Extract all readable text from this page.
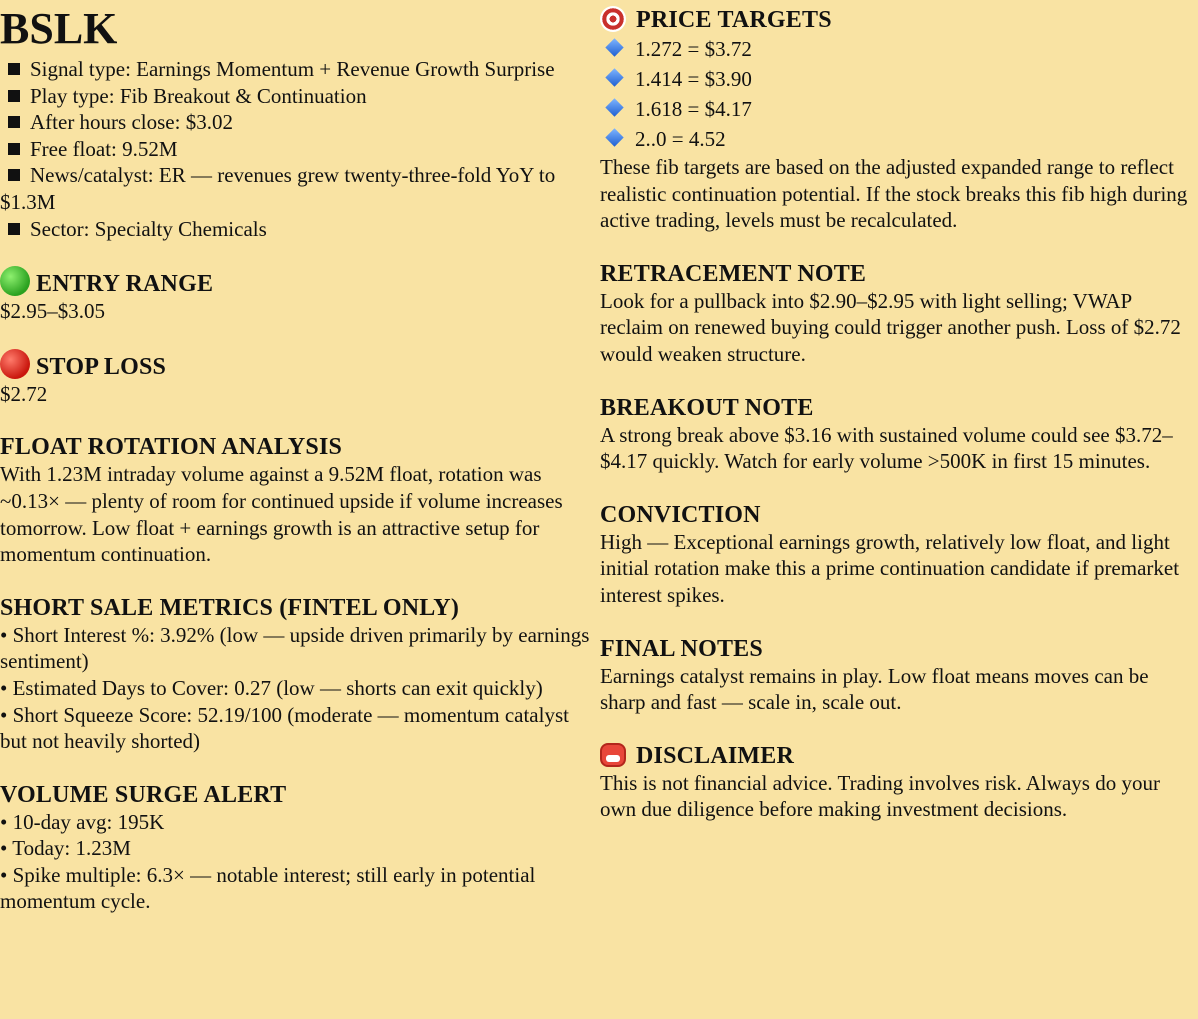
BSLK

Signal type: Earnings Momentum + Revenue Growth Surprise

Play type: Fib Breakout & Continuation

After hours close: $3.02

Free float: 9.52M

News/catalyst: ER — revenues grew twenty-three-fold YoY to $1.3M

Sector: Specialty Chemicals

ENTRY RANGE

$2.95–$3.05

STOP LOSS

$2.72

FLOAT ROTATION ANALYSIS

With 1.23M intraday volume against a 9.52M float, rotation was ~0.13× — plenty of room for continued upside if volume increases tomorrow. Low float + earnings growth is an attractive setup for momentum continuation.

SHORT SALE METRICS (FINTEL ONLY)

• Short Interest %: 3.92% (low — upside driven primarily by earnings sentiment)

• Estimated Days to Cover: 0.27 (low — shorts can exit quickly)

• Short Squeeze Score: 52.19/100 (moderate — momentum catalyst but not heavily shorted)

VOLUME SURGE ALERT

• 10-day avg: 195K

• Today: 1.23M

• Spike multiple: 6.3× — notable interest; still early in potential momentum cycle.

PRICE TARGETS

1.272 = $3.72

1.414 = $3.90

1.618 = $4.17

2..0 = 4.52

These fib targets are based on the adjusted expanded range to reflect realistic continuation potential. If the stock breaks this fib high during active trading, levels must be recalculated.

RETRACEMENT NOTE

Look for a pullback into $2.90–$2.95 with light selling; VWAP reclaim on renewed buying could trigger another push. Loss of $2.72 would weaken structure.

BREAKOUT NOTE

A strong break above $3.16 with sustained volume could see $3.72–$4.17 quickly. Watch for early volume >500K in first 15 minutes.

CONVICTION

High — Exceptional earnings growth, relatively low float, and light initial rotation make this a prime continuation candidate if premarket interest spikes.

FINAL NOTES

Earnings catalyst remains in play. Low float means moves can be sharp and fast — scale in, scale out.

DISCLAIMER

This is not financial advice. Trading involves risk. Always do your own due diligence before making investment decisions.
